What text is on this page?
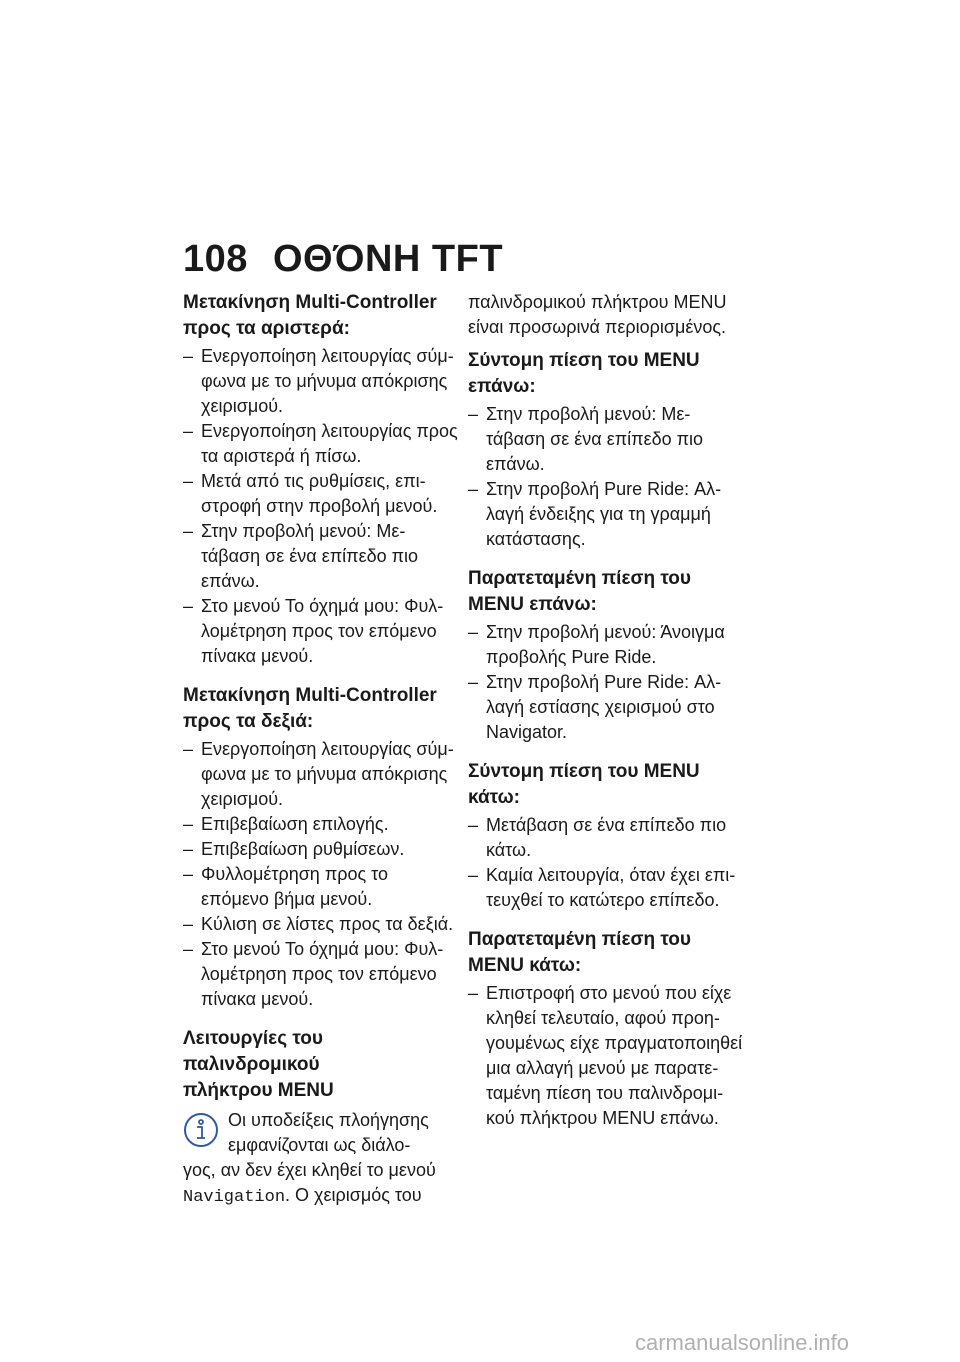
108 ΟΘΌΝΗ TFT
Μετακίνηση Multi-Controller
προς τα αριστερά:
– Ενεργοποίηση λειτουργίας σύμ-
φωνα με το μήνυμα απόκρισης
χειρισμού.
– Ενεργοποίηση λειτουργίας προς
τα αριστερά ή πίσω.
– Μετά από τις ρυθμίσεις, επι-
στροφή στην προβολή μενού.
– Στην προβολή μενού: Με-
τάβαση σε ένα επίπεδο πιο
επάνω.
– Στο μενού Το όχημά μου: Φυλ-
λομέτρηση προς τον επόμενο
πίνακα μενού.
Μετακίνηση Multi-Controller
προς τα δεξιά:
– Ενεργοποίηση λειτουργίας σύμ-
φωνα με το μήνυμα απόκρισης
χειρισμού.
– Επιβεβαίωση επιλογής.
– Επιβεβαίωση ρυθμίσεων.
– Φυλλομέτρηση προς το
επόμενο βήμα μενού.
– Κύλιση σε λίστες προς τα δεξιά.
– Στο μενού Το όχημά μου: Φυλ-
λομέτρηση προς τον επόμενο
πίνακα μενού.
Λειτουργίες του
παλινδρομικού
πλήκτρου MENU

Οι υποδείξεις πλοήγησης

εμφανίζονται ως διάλο-

γος, αν δεν έχει κληθεί το μενού

Navigation. Ο χειρισμός του

παλινδρομικού πλήκτρου MENU

είναι προσωρινά περιορισμένος.

Σύντομη πίεση του MENU
επάνω:
– Στην προβολή μενού: Με-
τάβαση σε ένα επίπεδο πιο
επάνω.
– Στην προβολή Pure Ride: Αλ-
λαγή ένδειξης για τη γραμμή
κατάστασης.
Παρατεταμένη πίεση του
MENU επάνω:
– Στην προβολή μενού: Άνοιγμα
προβολής Pure Ride.
– Στην προβολή Pure Ride: Αλ-
λαγή εστίασης χειρισμού στο
Navigator.
Σύντομη πίεση του MENU
κάτω:
– Μετάβαση σε ένα επίπεδο πιο
κάτω.
– Καμία λειτουργία, όταν έχει επι-
τευχθεί το κατώτερο επίπεδο.
Παρατεταμένη πίεση του
MENU κάτω:
– Επιστροφή στο μενού που είχε
κληθεί τελευταίο, αφού προη-
γουμένως είχε πραγματοποιηθεί
μια αλλαγή μενού με παρατε-
ταμένη πίεση του παλινδρομι-
κού πλήκτρου MENU επάνω.
carmanualsonline.info
